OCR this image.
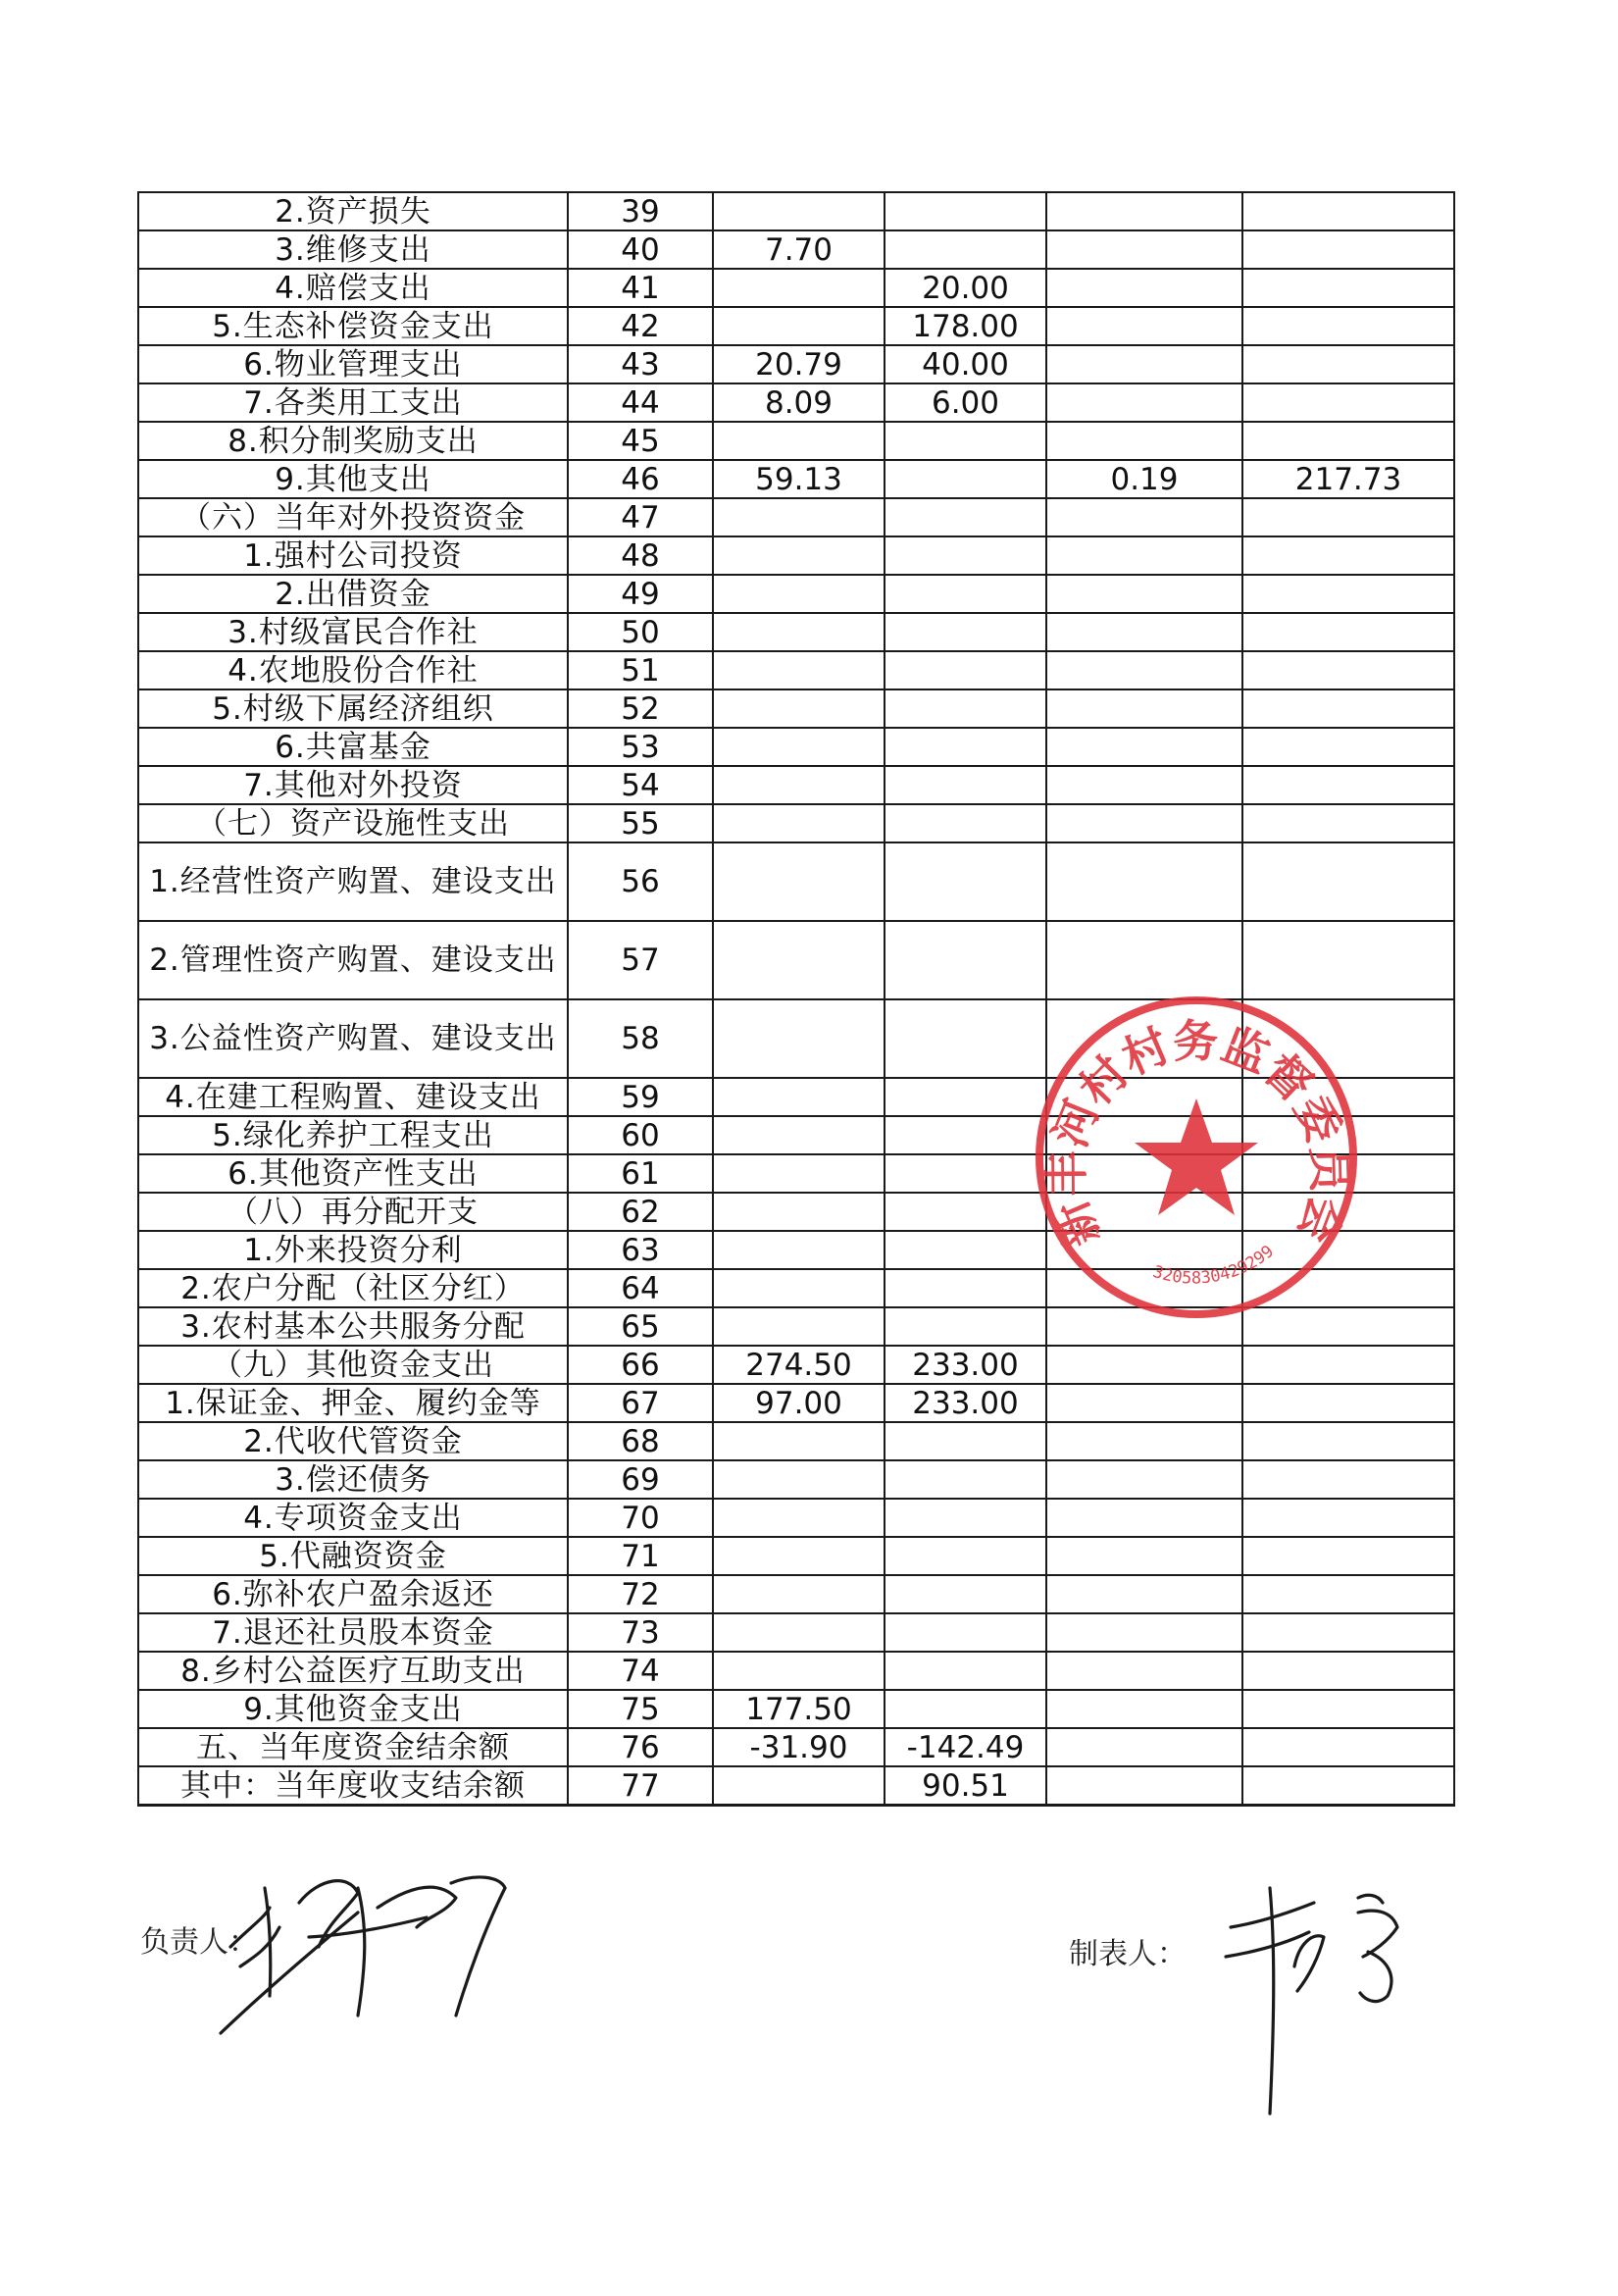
2.资产损失	39				
3.维修支出	40	7.70			
4.赔偿支出	41		20.00		
5.生态补偿资金支出	42		178.00		
6.物业管理支出	43	20.79	40.00		
7.各类用工支出	44	8.09	6.00		
8.积分制奖励支出	45				
9.其他支出	46	59.13		0.19	217.73
（六）当年对外投资资金	47				
1.强村公司投资	48				
2.出借资金	49				
3.村级富民合作社	50				
4.农地股份合作社	51				
5.村级下属经济组织	52				
6.共富基金	53				
7.其他对外投资	54				
（七）资产设施性支出	55				
1.经营性资产购置、建设支出	56				
2.管理性资产购置、建设支出	57				
3.公益性资产购置、建设支出	58				
4.在建工程购置、建设支出	59				
5.绿化养护工程支出	60				
6.其他资产性支出	61				
（八）再分配开支	62				
1.外来投资分利	63				
2.农户分配（社区分红）	64				
3.农村基本公共服务分配	65				
（九）其他资金支出	66	274.50	233.00		
1.保证金、押金、履约金等	67	97.00	233.00		
2.代收代管资金	68				
3.偿还债务	69				
4.专项资金支出	70				
5.代融资资金	71				
6.弥补农户盈余返还	72				
7.退还社员股本资金	73				
8.乡村公益医疗互助支出	74				
9.其他资金支出	75	177.50			
五、当年度资金结余额	76	-31.90	-142.49		
其中：当年度收支结余额	77		90.51		
负责人：	制表人：
新丰河村村务监督委员会
3205830429299
